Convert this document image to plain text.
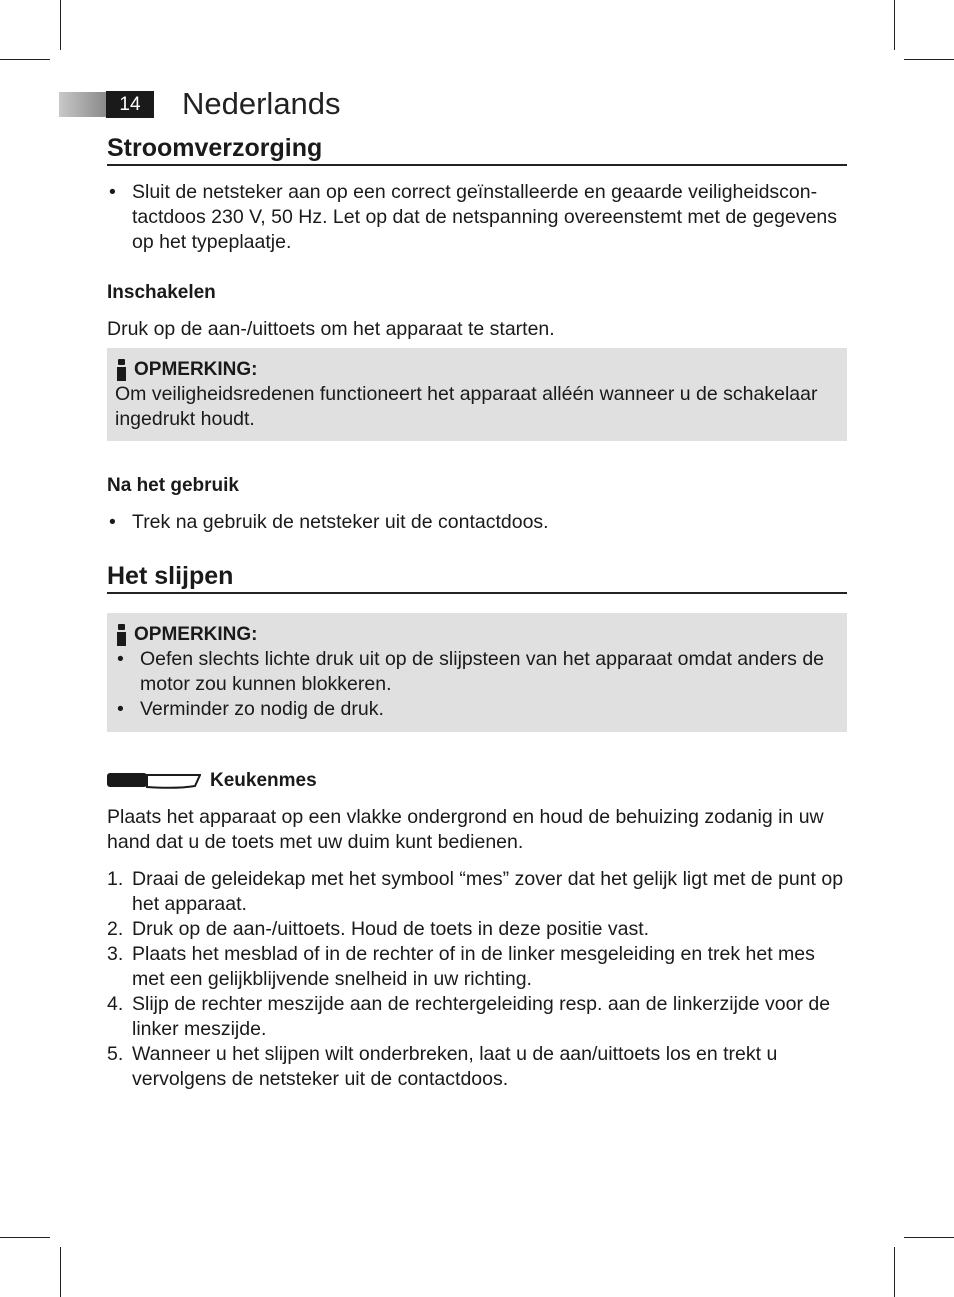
14	Nederlands
Stroomverzorging
• Sluit de netsteker aan op een correct geïnstalleerde en geaarde veiligheidscon-
tactdoos 230 V, 50 Hz. Let op dat de netspanning overeenstemt met de gegevens
op het typeplaatje.
Inschakelen

Druk op de aan-/uittoets om het apparaat te starten.

OPMERKING:

Om veiligheidsredenen functioneert het apparaat alléén wanneer u de schakelaar ingedrukt houdt.

Na het gebruik
• Trek na gebruik de netsteker uit de contactdoos.
Het slijpen
OPMERKING:
• Oefen slechts lichte druk uit op de slijpsteen van het apparaat omdat anders de motor zou kunnen blokkeren.
• Verminder zo nodig de druk.
Keukenmes

Plaats het apparaat op een vlakke ondergrond en houd de behuizing zodanig in uw hand dat u de toets met uw duim kunt bedienen.

1. Draai de geleidekap met het symbool “mes” zover dat het gelijk ligt met de punt op het apparaat.
2. Druk op de aan-/uittoets. Houd de toets in deze positie vast.
3. Plaats het mesblad of in de rechter of in de linker mesgeleiding en trek het mes met een gelijkblijvende snelheid in uw richting.
4. Slijp de rechter meszijde aan de rechtergeleiding resp. aan de linkerzijde voor de linker meszijde.
5. Wanneer u het slijpen wilt onderbreken, laat u de aan/uittoets los en trekt u vervolgens de netsteker uit de contactdoos.
